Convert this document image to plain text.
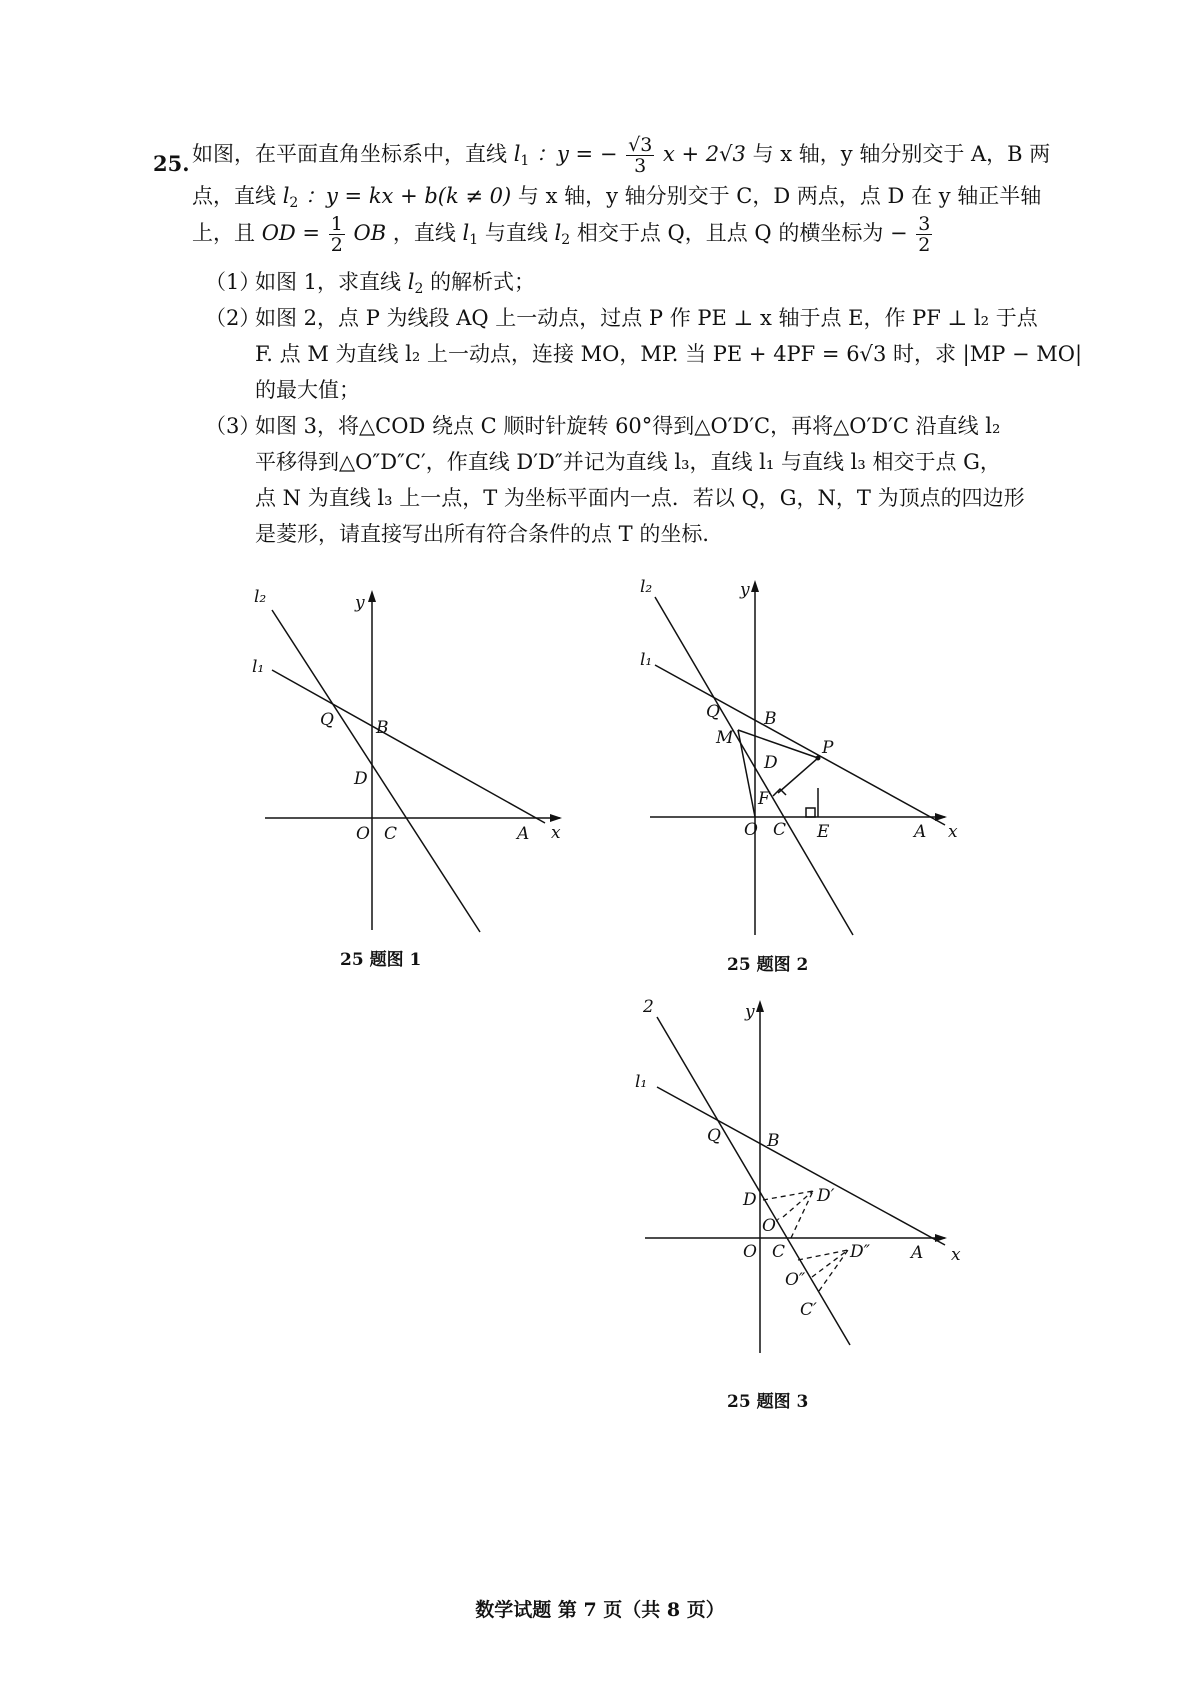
25. 如图，在平面直角坐标系中，直线 $l_1$ ：y = − $\frac{√3}{3}$ x + 2√3 与 x 轴，y 轴分别交于 A，B 两
点，直线 $l_2$ ：y = kx + b(k ≠ 0) 与 x 轴，y 轴分别交于 C，D 两点，点 D 在 y 轴正半轴
上，且 OD = $\frac{1}{2}$ OB ，直线 $l_1$ 与直线 $l_2$ 相交于点 Q，且点 Q 的横坐标为 − $\frac{3}{2}$
（1）
如图 1，求直线 $l_2$ 的解析式；
（2）
如图 2，点 P 为线段 AQ 上一动点，过点 P 作 PE ⊥ x 轴于点 E，作 PF ⊥ l₂ 于点
F. 点 M 为直线 l₂ 上一动点，连接 MO，MP. 当 PE + 4PF = 6√3 时，求 |MP − MO|
的最大值；
（3）
如图 3，将△COD 绕点 C 顺时针旋转 60°得到△O′D′C，再将△O′D′C 沿直线 l₂
平移得到△O″D″C′，作直线 D′D″并记为直线 l₃，直线 l₁ 与直线 l₃ 相交于点 G，
点 N 为直线 l₃ 上一点，T 为坐标平面内一点．若以 Q，G，N，T 为顶点的四边形
是菱形，请直接写出所有符合条件的点 T 的坐标．
l₂
l₁
y
x
Q B
D
O C	A
25 题图 1
l₂
l₁
y
x
Q	B
M	P
D
F
O C E	A
25 题图 2
2
l₁
y
x
Q	B
D	D′
O′
O C	D″ A
O″
C′
25 题图 3
数学试题 第 7 页（共 8 页）
